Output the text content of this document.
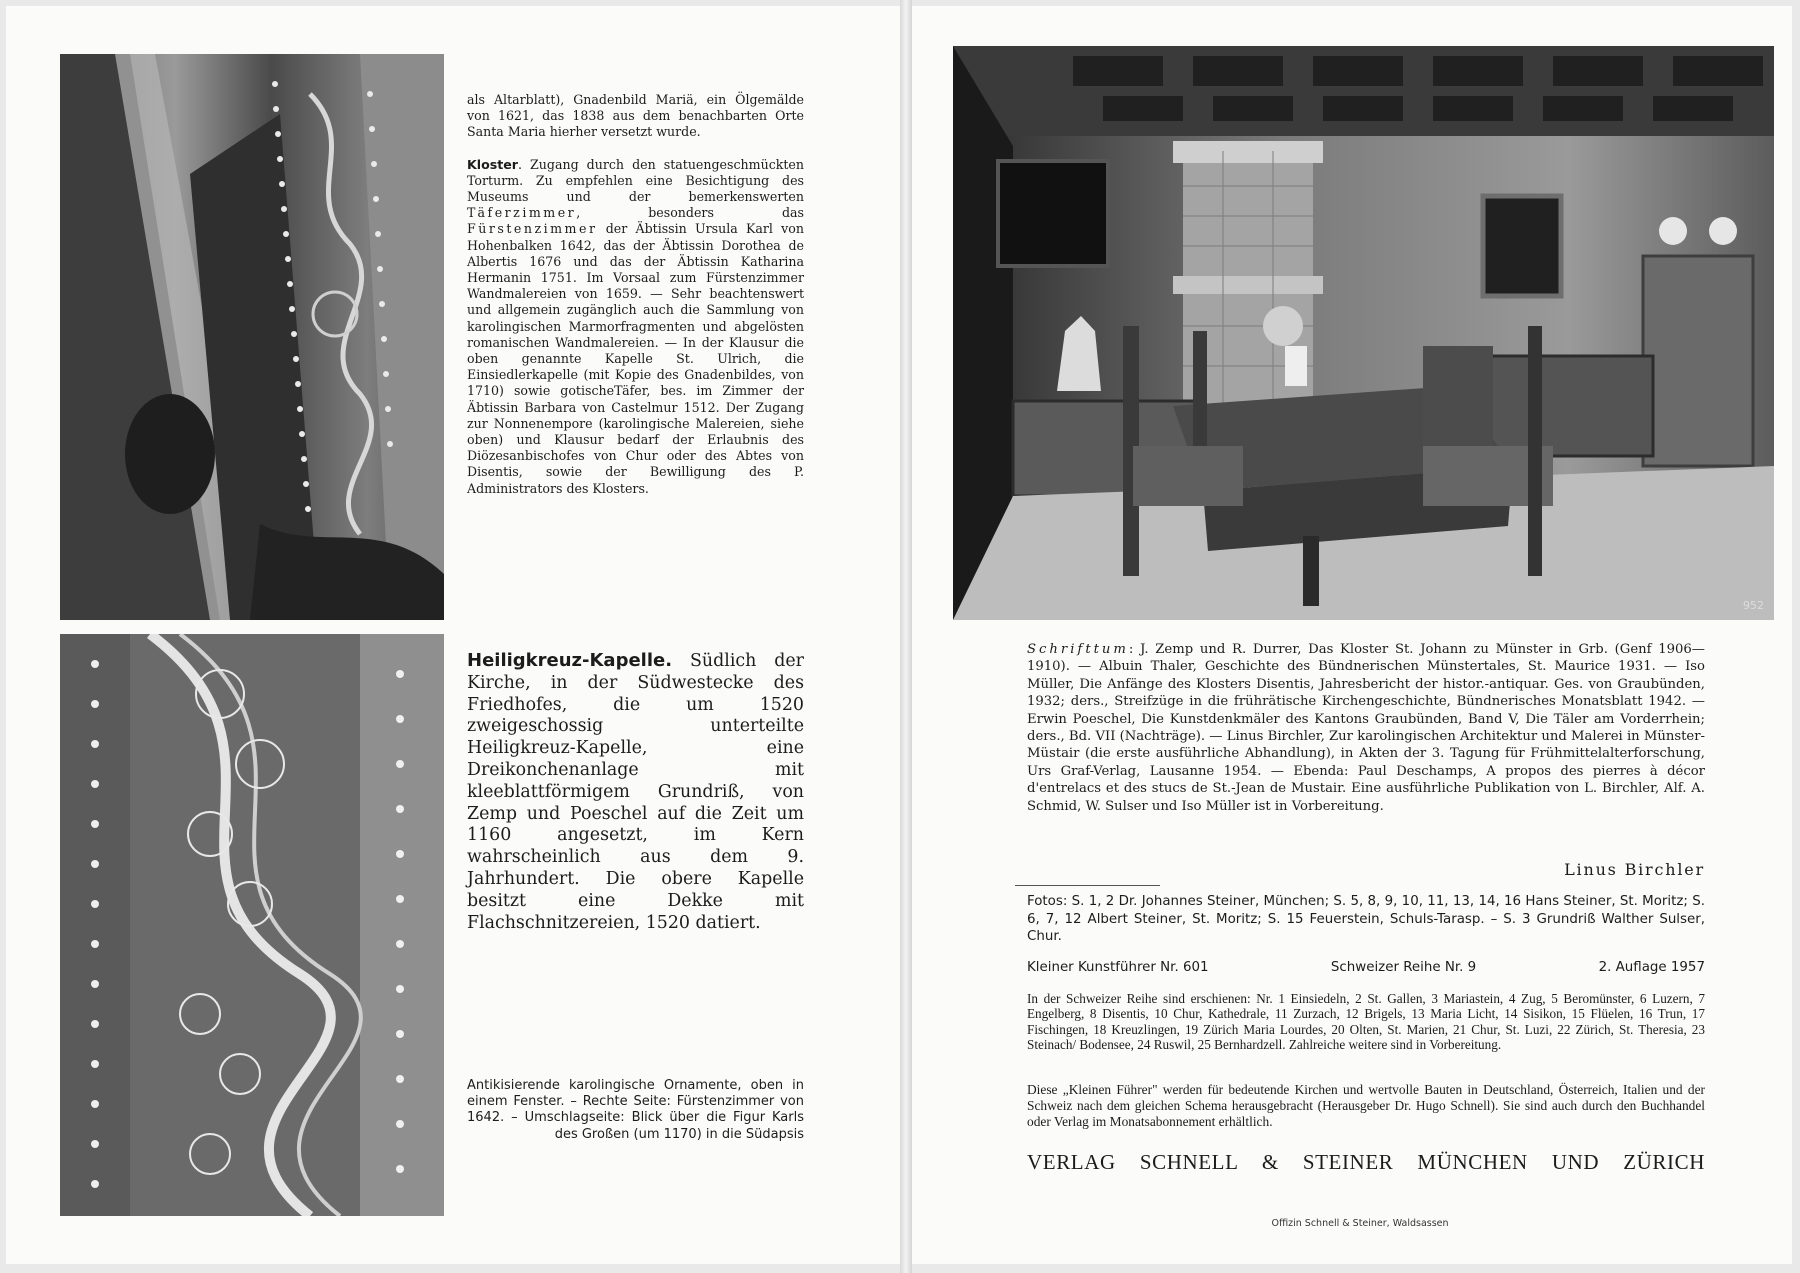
als Altarblatt), Gnadenbild Mariä, ein Ölgemälde von 1621, das 1838 aus dem benachbarten Orte Santa Maria hierher versetzt wurde.

Kloster. Zugang durch den statuengeschmückten Torturm. Zu empfehlen eine Besichtigung des Museums und der bemerkenswerten Täferzimmer, besonders das Fürstenzimmer der Äbtissin Ursula Karl von Hohenbalken 1642, das der Äbtissin Dorothea de Albertis 1676 und das der Äbtissin Katharina Hermanin 1751. Im Vorsaal zum Fürstenzimmer Wandmalereien von 1659. — Sehr beachtenswert und allgemein zugänglich auch die Sammlung von karolingischen Marmorfragmenten und abgelösten romanischen Wandmalereien. — In der Klausur die oben genannte Kapelle St. Ulrich, die Einsiedlerkapelle (mit Kopie des Gnadenbildes, von 1710) sowie gotischeTäfer, bes. im Zimmer der Äbtissin Barbara von Castelmur 1512. Der Zugang zur Nonnenempore (karolingische Malereien, siehe oben) und Klausur bedarf der Erlaubnis des Diözesanbischofes von Chur oder des Abtes von Disentis, sowie der Bewilligung des P. Administrators des Klosters.

Heiligkreuz-Kapelle. Südlich der Kirche, in der Südwestecke des Friedhofes, die um 1520 zweigeschossig unterteilte Heiligkreuz-Kapelle, eine Dreikonchenanlage mit kleeblattförmigem Grundriß, von Zemp und Poeschel auf die Zeit um 1160 angesetzt, im Kern wahrscheinlich aus dem 9. Jahrhundert. Die obere Kapelle besitzt eine Dekke mit Flachschnitzereien, 1520 datiert.

Antikisierende karolingische Ornamente, oben in einem Fenster. – Rechte Seite: Fürstenzimmer von 1642. – Umschlagseite: Blick über die Figur Karls des Großen (um 1170) in die Südapsis
952
Schrifttum: J. Zemp und R. Durrer, Das Kloster St. Johann zu Münster in Grb. (Genf 1906—1910). — Albuin Thaler, Geschichte des Bündnerischen Münstertales, St. Maurice 1931. — Iso Müller, Die Anfänge des Klosters Disentis, Jahresbericht der histor.-antiquar. Ges. von Graubünden, 1932; ders., Streifzüge in die frührätische Kirchengeschichte, Bündnerisches Monatsblatt 1942. — Erwin Poeschel, Die Kunstdenkmäler des Kantons Graubünden, Band V, Die Täler am Vorderrhein; ders., Bd. VII (Nachträge). — Linus Birchler, Zur karolingischen Architektur und Malerei in Münster-Müstair (die erste ausführliche Abhandlung), in Akten der 3. Tagung für Frühmittelalterforschung, Urs Graf-Verlag, Lausanne 1954. — Ebenda: Paul Deschamps, A propos des pierres à décor d'entrelacs et des stucs de St.-Jean de Mustair. Eine ausführliche Publikation von L. Birchler, Alf. A. Schmid, W. Sulser und Iso Müller ist in Vorbereitung.
Linus Birchler
Fotos: S. 1, 2 Dr. Johannes Steiner, München; S. 5, 8, 9, 10, 11, 13, 14, 16 Hans Steiner, St. Moritz; S. 6, 7, 12 Albert Steiner, St. Moritz; S. 15 Feuerstein, Schuls-Tarasp. – S. 3 Grundriß Walther Sulser, Chur.
Kleiner Kunstführer Nr. 601	Schweizer Reihe Nr. 9	2. Auflage 1957
In der Schweizer Reihe sind erschienen: Nr. 1 Einsiedeln, 2 St. Gallen, 3 Mariastein, 4 Zug, 5 Beromünster, 6 Luzern, 7 Engelberg, 8 Disentis, 10 Chur, Kathedrale, 11 Zurzach, 12 Brigels, 13 Maria Licht, 14 Sisikon, 15 Flüelen, 16 Trun, 17 Fischingen, 18 Kreuzlingen, 19 Zürich Maria Lourdes, 20 Olten, St. Marien, 21 Chur, St. Luzi, 22 Zürich, St. Theresia, 23 Steinach/ Bodensee, 24 Ruswil, 25 Bernhardzell. Zahlreiche weitere sind in Vorbereitung.
Diese „Kleinen Führer" werden für bedeutende Kirchen und wertvolle Bauten in Deutschland, Österreich, Italien und der Schweiz nach dem gleichen Schema herausgebracht (Herausgeber Dr. Hugo Schnell). Sie sind auch durch den Buchhandel oder Verlag im Monatsabonnement erhältlich.
VERLAG SCHNELL & STEINER MÜNCHEN UND ZÜRICH
Offizin Schnell & Steiner, Waldsassen
